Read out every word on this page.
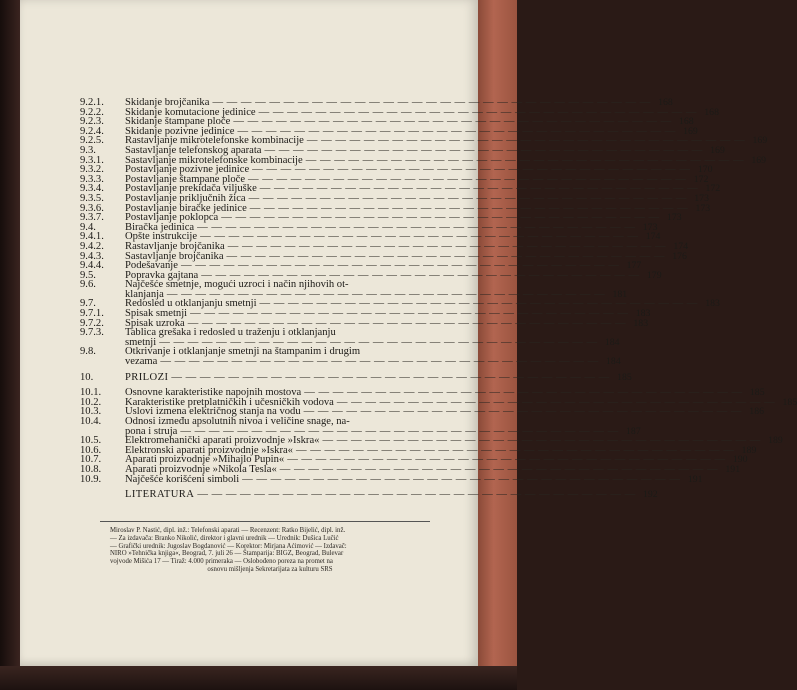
9.2.1.	Skidanje brojčanika — — — — — — — — — — — — — — — — — — — — — — — — — — — — — — — 168
9.2.2.	Skidanje komutacione jedinice — — — — — — — — — — — — — — — — — — — — — — — — — — — — — — — 168
9.2.3.	Skidanje štampane ploče — — — — — — — — — — — — — — — — — — — — — — — — — — — — — — — 168
9.2.4.	Skidanje pozivne jedinice — — — — — — — — — — — — — — — — — — — — — — — — — — — — — — — 169
9.2.5.	Rastavljanje mikrotelefonske kombinacije — — — — — — — — — — — — — — — — — — — — — — — — — — — — — — — 169
9.3.	Sastavljanje telefonskog aparata — — — — — — — — — — — — — — — — — — — — — — — — — — — — — — — 169
9.3.1.	Sastavljanje mikrotelefonske kombinacije — — — — — — — — — — — — — — — — — — — — — — — — — — — — — — — 169
9.3.2.	Postavljanje pozivne jedinice — — — — — — — — — — — — — — — — — — — — — — — — — — — — — — — 170
9.3.3.	Postavljanje štampane ploče — — — — — — — — — — — — — — — — — — — — — — — — — — — — — — — 172
9.3.4.	Postavljanje prekidača viljuške — — — — — — — — — — — — — — — — — — — — — — — — — — — — — — — 172
9.3.5.	Postavljanje priključnih žica — — — — — — — — — — — — — — — — — — — — — — — — — — — — — — — 173
9.3.6.	Postavljanje biračke jedinice — — — — — — — — — — — — — — — — — — — — — — — — — — — — — — — 173
9.3.7.	Postavljanje poklopca — — — — — — — — — — — — — — — — — — — — — — — — — — — — — — — 173
9.4.	Biračka jedinica — — — — — — — — — — — — — — — — — — — — — — — — — — — — — — — 173
9.4.1.	Opšte instrukcije — — — — — — — — — — — — — — — — — — — — — — — — — — — — — — — 174
9.4.2.	Rastavljanje brojčanika — — — — — — — — — — — — — — — — — — — — — — — — — — — — — — — 174
9.4.3.	Sastavljanje brojčanika — — — — — — — — — — — — — — — — — — — — — — — — — — — — — — — 176
9.4.4.	Podešavanje — — — — — — — — — — — — — — — — — — — — — — — — — — — — — — — 177
9.5.	Popravka gajtana — — — — — — — — — — — — — — — — — — — — — — — — — — — — — — — 179
9.6.	Najčešće smetnje, mogući uzroci i način njihovih ot-
klanjanja — — — — — — — — — — — — — — — — — — — — — — — — — — — — — — — 181
9.7.	Redosled u otklanjanju smetnji — — — — — — — — — — — — — — — — — — — — — — — — — — — — — — — 183
9.7.1.	Spisak smetnji — — — — — — — — — — — — — — — — — — — — — — — — — — — — — — — 183
9.7.2.	Spisak uzroka — — — — — — — — — — — — — — — — — — — — — — — — — — — — — — — 183
9.7.3.	Tablica grešaka i redosled u traženju i otklanjanju
smetnji — — — — — — — — — — — — — — — — — — — — — — — — — — — — — — — 184
9.8.	Otkrivanje i otklanjanje smetnji na štampanim i drugim
vezama — — — — — — — — — — — — — — — — — — — — — — — — — — — — — — — 184
10.	PRILOZI — — — — — — — — — — — — — — — — — — — — — — — — — — — — — — — 185
10.1.	Osnovne karakteristike napojnih mostova — — — — — — — — — — — — — — — — — — — — — — — — — — — — — — — 185
10.2.	Karakteristike pretplatničkih i učesničkih vodova — — — — — — — — — — — — — — — — — — — — — — — — — — — — — — — 185
10.3.	Uslovi izmena električnog stanja na vodu — — — — — — — — — — — — — — — — — — — — — — — — — — — — — — — 186
10.4.	Odnosi između apsolutnih nivoa i veličine snage, na-
pona i struja — — — — — — — — — — — — — — — — — — — — — — — — — — — — — — — 187
10.5.	Elektromehanički aparati proizvodnje »Iskra« — — — — — — — — — — — — — — — — — — — — — — — — — — — — — — — 189
10.6.	Elektronski aparati proizvodnje »Iskra« — — — — — — — — — — — — — — — — — — — — — — — — — — — — — — — 189
10.7.	Aparati proizvodnje »Mihajlo Pupin« — — — — — — — — — — — — — — — — — — — — — — — — — — — — — — — 190
10.8.	Aparati proizvodnje »Nikola Tesla« — — — — — — — — — — — — — — — — — — — — — — — — — — — — — — — 191
10.9.	Najčešće korišćeni simboli — — — — — — — — — — — — — — — — — — — — — — — — — — — — — — — 191
LITERATURA — — — — — — — — — — — — — — — — — — — — — — — — — — — — — — — 192
Miroslav P. Nastić, dipl. inž.: Telefonski aparati — Recenzent: Ratko Bijelić, dipl. inž.
— Za izdavača: Branko Nikolić, direktor i glavni urednik — Urednik: Dušica Lučić
— Grafički urednik: Jugoslav Bogdanović — Korektor: Mirjana Aćimović — Izdavač:
NIRO »Tehnička knjiga«, Beograd, 7. juli 26 — Štamparija: BIGZ, Beograd, Bulevar
vojvode Mišića 17 — Tiraž: 4.000 primeraka — Oslobođeno poreza na promet na
osnovu mišljenja Sekretarijata za kulturu SRS
